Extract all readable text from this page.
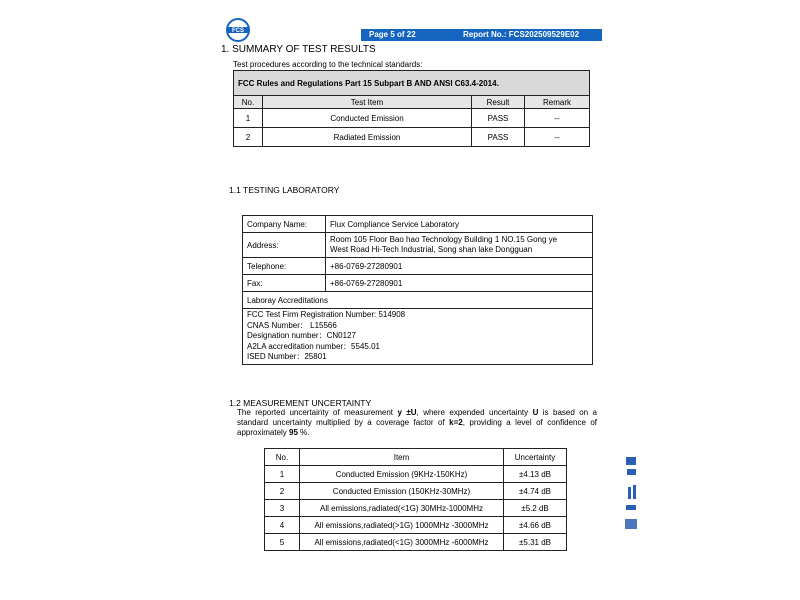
FCS	Page 5 of 22	Report No.: FCS202509529E02
1. SUMMARY OF TEST RESULTS
Test procedures according to the technical standards:
FCC Rules and Regulations Part 15 Subpart B AND ANSI C63.4-2014.			
No.	Test Item	Result	Remark
1	Conducted Emission	PASS	--
2	Radiated Emission	PASS	--
1.1 TESTING LABORATORY
Company Name:	Flux Compliance Service Laboratory
Address:	Room 105 Floor Bao hao Technology Building 1 NO.15 Gong ye
West Road Hi-Tech Industrial, Song shan lake Dongguan

Telephone:	+86-0769-27280901
Fax:	+86-0769-27280901
Laboray Accreditations	

FCC Test Firm Registration Number: 514908
CNAS Number： L15566
Designation number：CN0127
A2LA accreditation number：5545.01
ISED Number：25801	
1.2 MEASUREMENT UNCERTAINTY
The reported uncertainty of measurement y ±U, where expended uncertainty U is based on a standard uncertainty multiplied by a coverage factor of k=2, providing a level of confidence of approximately 95 %.
No.	Item	Uncertainty
1	Conducted Emission (9KHz-150KHz)	±4.13 dB
2	Conducted Emission (150KHz-30MHz)	±4.74 dB
3	All emissions,radiated(<1G) 30MHz-1000MHz	±5.2 dB
4	All emissions,radiated(>1G) 1000MHz -3000MHz	±4.66 dB
5	All emissions,radiated(<1G) 3000MHz -6000MHz	±5.31 dB
